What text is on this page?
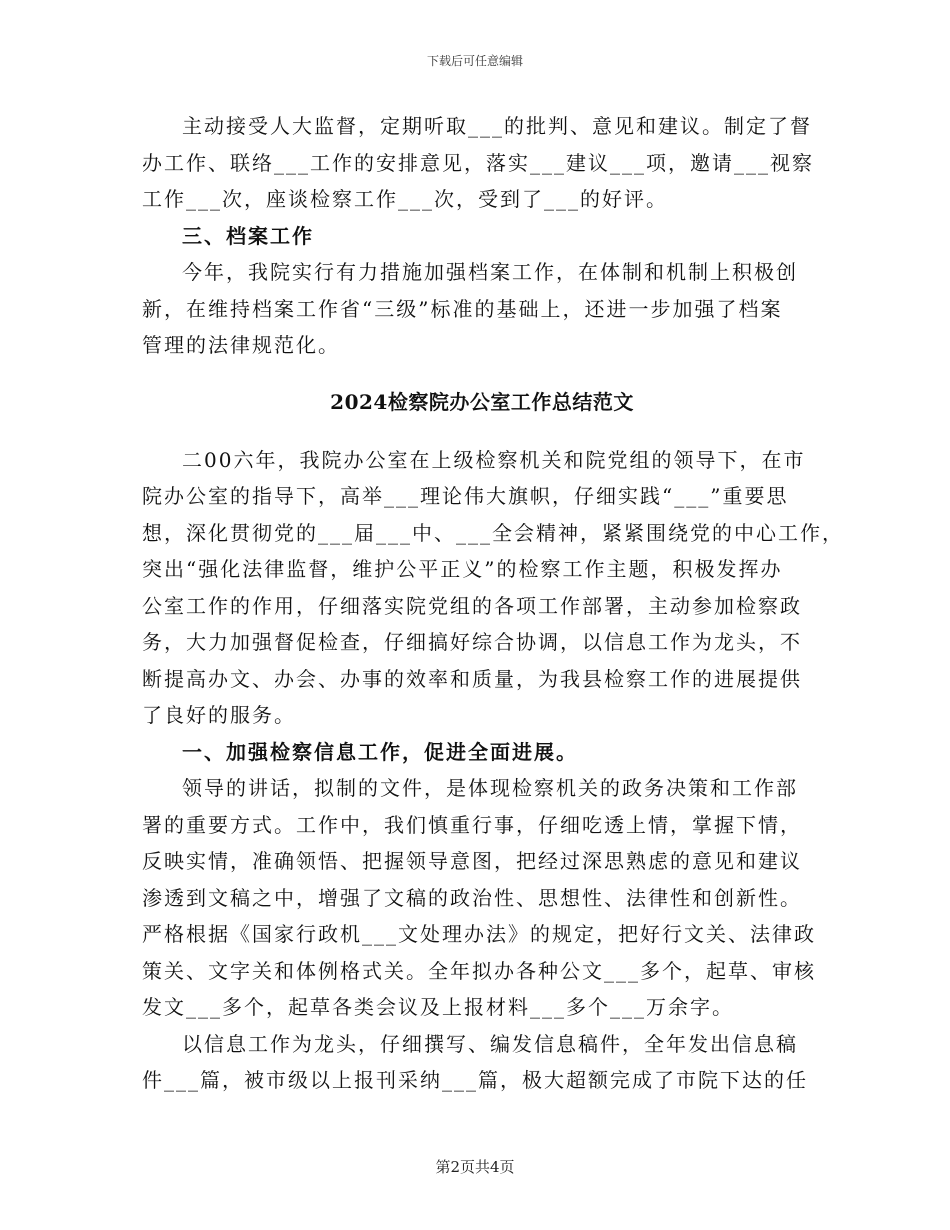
下载后可任意编辑

主动接受人大监督，定期听取___的批判、意见和建议。制定了督
办工作、联络___工作的安排意见，落实___建议___项，邀请___视察
工作___次，座谈检察工作___次，受到了___的好评。

三、档案工作

今年，我院实行有力措施加强档案工作，在体制和机制上积极创
新，在维持档案工作省“三级”标准的基础上，还进一步加强了档案
管理的法律规范化。

2024检察院办公室工作总结范文

二00六年，我院办公室在上级检察机关和院党组的领导下，在市
院办公室的指导下，高举___理论伟大旗帜，仔细实践“___”重要思
想，深化贯彻党的___届___中、___全会精神，紧紧围绕党的中心工作，
突出“强化法律监督，维护公平正义”的检察工作主题，积极发挥办
公室工作的作用，仔细落实院党组的各项工作部署，主动参加检察政
务，大力加强督促检查，仔细搞好综合协调，以信息工作为龙头，不
断提高办文、办会、办事的效率和质量，为我县检察工作的进展提供
了良好的服务。

一、加强检察信息工作，促进全面进展。

领导的讲话，拟制的文件，是体现检察机关的政务决策和工作部
署的重要方式。工作中，我们慎重行事，仔细吃透上情，掌握下情，
反映实情，准确领悟、把握领导意图，把经过深思熟虑的意见和建议
渗透到文稿之中，增强了文稿的政治性、思想性、法律性和创新性。
严格根据《国家行政机___文处理办法》的规定，把好行文关、法律政
策关、文字关和体例格式关。全年拟办各种公文___多个，起草、审核
发文___多个，起草各类会议及上报材料___多个___万余字。

以信息工作为龙头，仔细撰写、编发信息稿件，全年发出信息稿
件___篇，被市级以上报刊采纳___篇，极大超额完成了市院下达的任

第2页共4页
